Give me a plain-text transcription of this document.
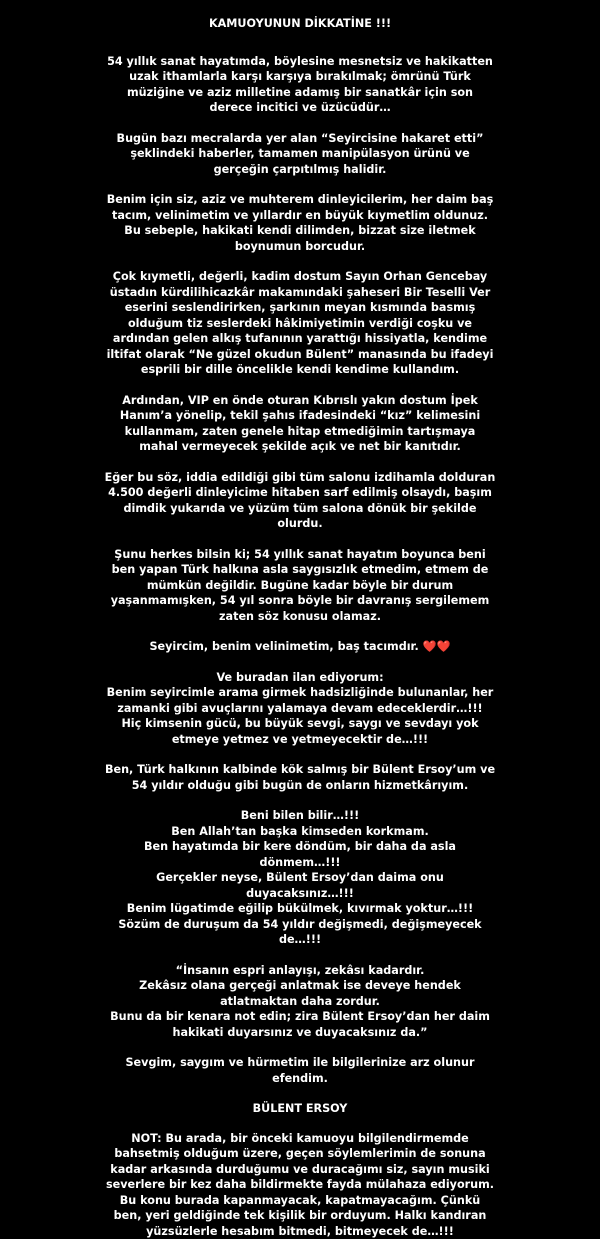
KAMUOYUNUN DİKKATİNE !!!
54 yıllık sanat hayatımda, böylesine mesnetsiz ve hakikatten uzak ithamlarla karşı karşıya bırakılmak; ömrünü Türk müziğine ve aziz milletine adamış bir sanatkâr için son derece incitici ve üzücüdür…
Bugün bazı mecralarda yer alan “Seyircisine hakaret etti” şeklindeki haberler, tamamen manipülasyon ürünü ve gerçeğin çarpıtılmış halidir.
Benim için siz, aziz ve muhterem dinleyicilerim, her daim baş tacım, velinimetim ve yıllardır en büyük kıymetlim oldunuz. Bu sebeple, hakikati kendi dilimden, bizzat size iletmek boynumun borcudur.
Çok kıymetli, değerli, kadim dostum Sayın Orhan Gencebay üstadın kürdilihicazkâr makamındaki şaheseri Bir Teselli Ver eserini seslendirirken, şarkının meyan kısmında basmış olduğum tiz seslerdeki hâkimiyetimin verdiği coşku ve ardından gelen alkış tufanının yarattığı hissiyatla, kendime iltifat olarak “Ne güzel okudun Bülent” manasında bu ifadeyi esprili bir dille öncelikle kendi kendime kullandım.
Ardından, VIP en önde oturan Kıbrıslı yakın dostum İpek Hanım’a yönelip, tekil şahıs ifadesindeki “kız” kelimesini kullanmam, zaten genele hitap etmediğimin tartışmaya mahal vermeyecek şekilde açık ve net bir kanıtıdır.
Eğer bu söz, iddia edildiği gibi tüm salonu izdihamla dolduran 4.500 değerli dinleyicime hitaben sarf edilmiş olsaydı, başım dimdik yukarıda ve yüzüm tüm salona dönük bir şekilde olurdu.
Şunu herkes bilsin ki; 54 yıllık sanat hayatım boyunca beni ben yapan Türk halkına asla saygısızlık etmedim, etmem de mümkün değildir. Bugüne kadar böyle bir durum yaşanmamışken, 54 yıl sonra böyle bir davranış sergilemem zaten söz konusu olamaz.
Seyircim, benim velinimetim, baş tacımdır. ❤️❤️
Ve buradan ilan ediyorum:
Benim seyircimle arama girmek hadsizliğinde bulunanlar, her zamanki gibi avuçlarını yalamaya devam edeceklerdir…!!!
Hiç kimsenin gücü, bu büyük sevgi, saygı ve sevdayı yok etmeye yetmez ve yetmeyecektir de…!!!
Ben, Türk halkının kalbinde kök salmış bir Bülent Ersoy’um ve 54 yıldır olduğu gibi bugün de onların hizmetkârıyım.
Beni bilen bilir…!!!
Ben Allah’tan başka kimseden korkmam.
Ben hayatımda bir kere döndüm, bir daha da asla dönmem…!!!
Gerçekler neyse, Bülent Ersoy’dan daima onu duyacaksınız…!!!
Benim lügatimde eğilip bükülmek, kıvırmak yoktur…!!!
Sözüm de duruşum da 54 yıldır değişmedi, değişmeyecek de…!!!
“İnsanın espri anlayışı, zekâsı kadardır.
Zekâsız olana gerçeği anlatmak ise deveye hendek atlatmaktan daha zordur.
Bunu da bir kenara not edin; zira Bülent Ersoy’dan her daim hakikati duyarsınız ve duyacaksınız da.”
Sevgim, saygım ve hürmetim ile bilgilerinize arz olunur efendim.
BÜLENT ERSOY
NOT: Bu arada, bir önceki kamuoyu bilgilendirmemde bahsetmiş olduğum üzere, geçen söylemlerimin de sonuna kadar arkasında durduğumu ve duracağımı siz, sayın musiki severlere bir kez daha bildirmekte fayda mülahaza ediyorum. Bu konu burada kapanmayacak, kapatmayacağım. Çünkü ben, yeri geldiğinde tek kişilik bir orduyum. Halkı kandıran yüzsüzlerle hesabım bitmedi, bitmeyecek de…!!!
